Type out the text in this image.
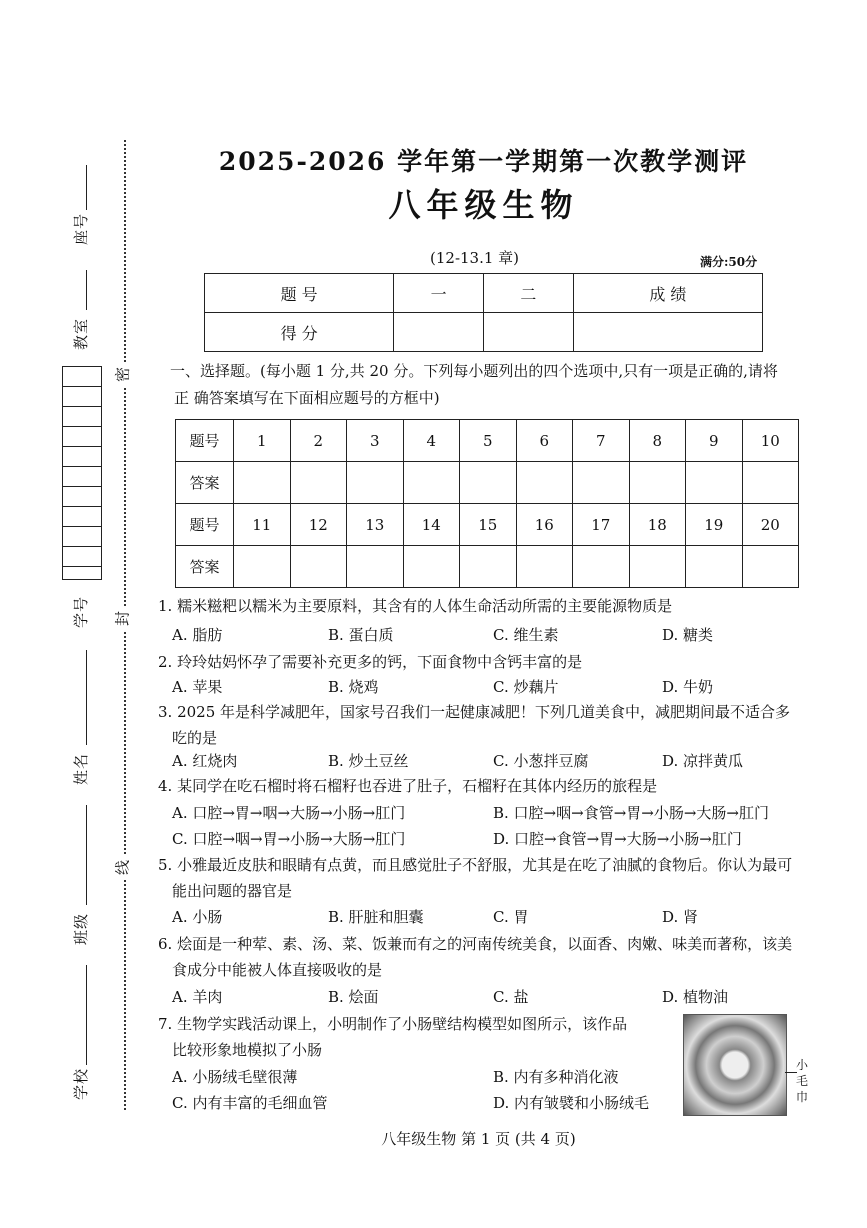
座号
教室
学号
姓名
班级
学校
密
封
线
2025-2026 学年第一学期第一次教学测评
八年级生物
(12-13.1 章)	满分:50分
题 号	一	二	成 绩
得 分			
一、选择题。(每小题 1 分,共 20 分。下列每小题列出的四个选项中,只有一项是正确的,请将
正 确答案填写在下面相应题号的方框中)
题号	1	2	3	4	5	6	7	8	9	10
答案										
题号	11	12	13	14	15	16	17	18	19	20
答案										
1. 糯米糍粑以糯米为主要原料，其含有的人体生命活动所需的主要能源物质是
A. 脂肪	B. 蛋白质	C. 维生素	D. 糖类
2. 玲玲姑妈怀孕了需要补充更多的钙，下面食物中含钙丰富的是
A. 苹果	B. 烧鸡	C. 炒藕片	D. 牛奶
3. 2025 年是科学减肥年，国家号召我们一起健康减肥！下列几道美食中，减肥期间最不适合多
吃的是
A. 红烧肉	B. 炒土豆丝	C. 小葱拌豆腐	D. 凉拌黄瓜
4. 某同学在吃石榴时将石榴籽也吞进了肚子，石榴籽在其体内经历的旅程是
A. 口腔→胃→咽→大肠→小肠→肛门	B. 口腔→咽→食管→胃→小肠→大肠→肛门
C. 口腔→咽→胃→小肠→大肠→肛门	D. 口腔→食管→胃→大肠→小肠→肛门
5. 小雅最近皮肤和眼睛有点黄，而且感觉肚子不舒服，尤其是在吃了油腻的食物后。你认为最可
能出问题的器官是
A. 小肠	B. 肝脏和胆囊	C. 胃	D. 肾
6. 烩面是一种荤、素、汤、菜、饭兼而有之的河南传统美食，以面香、肉嫩、味美而著称，该美
食成分中能被人体直接吸收的是
A. 羊肉	B. 烩面	C. 盐	D. 植物油
7. 生物学实践活动课上，小明制作了小肠壁结构模型如图所示，该作品
比较形象地模拟了小肠
A. 小肠绒毛壁很薄	B. 内有多种消化液
C. 内有丰富的毛细血管	D. 内有皱襞和小肠绒毛
小
毛
巾
八年级生物 第 1 页 (共 4 页)
